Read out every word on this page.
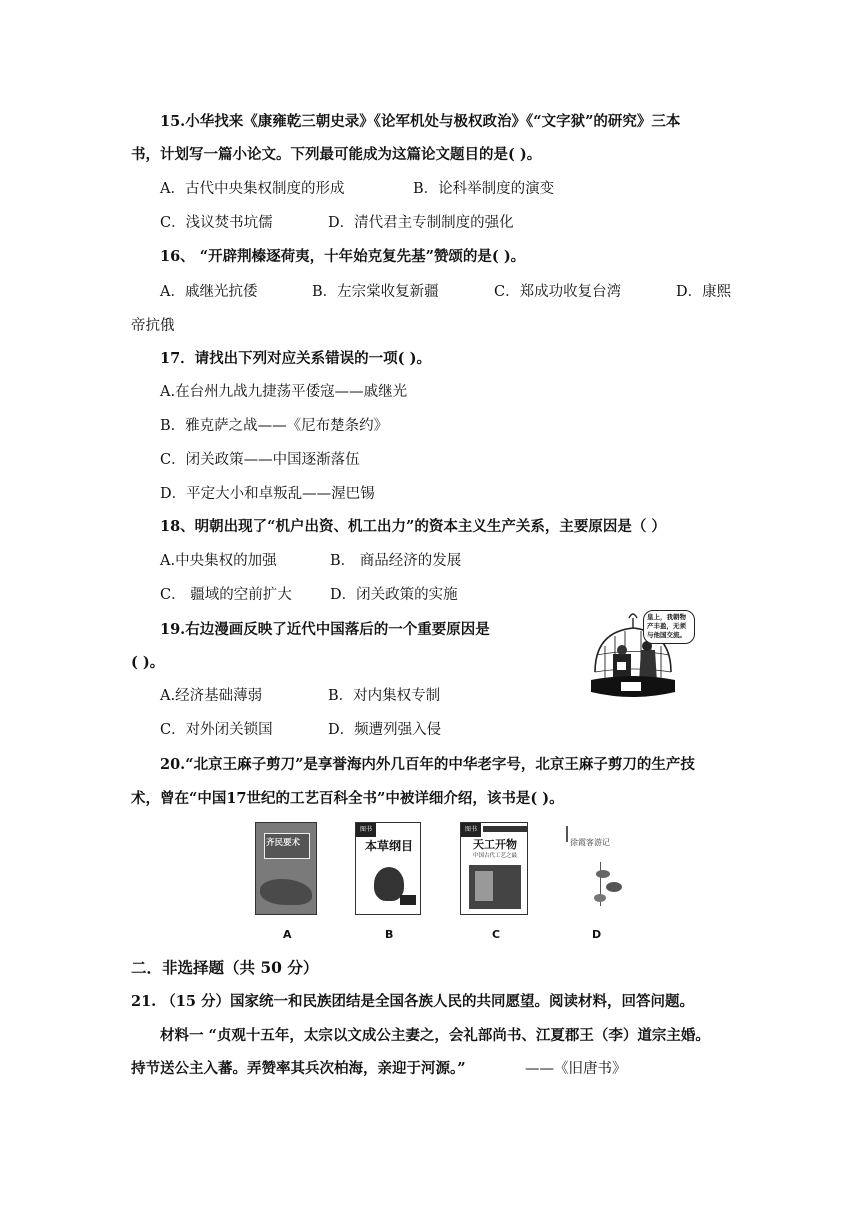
15.小华找来《康雍乾三朝史录》《论军机处与极权政治》《“文字狱”的研究》三本
书，计划写一篇小论文。下列最可能成为这篇论文题目的是( )。
A．古代中央集权制度的形成	B．论科举制度的演变
C．浅议焚书坑儒	D．清代君主专制制度的强化
16、 “开辟荆榛逐荷夷，十年始克复先基”赞颂的是( )。
A．戚继光抗倭	B．左宗棠收复新疆	C．郑成功收复台湾	D．康熙
帝抗俄
17．请找出下列对应关系错误的一项( )。
A.在台州九战九捷荡平倭寇——戚继光
B．雅克萨之战——《尼布楚条约》
C．闭关政策——中国逐渐落伍
D．平定大小和卓叛乱——渥巴锡
18、明朝出现了“机户出资、机工出力”的资本主义生产关系，主要原因是（ ）
A.中央集权的加强	B． 商品经济的发展
C． 疆域的空前扩大	D．闭关政策的实施
19.右边漫画反映了近代中国落后的一个重要原因是
( )。
A.经济基础薄弱	B．对内集权专制
C．对外闭关锁国	D．频遭列强入侵
皇上，我朝物
产丰盈，无须
与他国交流。
20.“北京王麻子剪刀”是享誉海内外几百年的中华老字号，北京王麻子剪刀的生产技
术，曾在“中国17世纪的工艺百科全书”中被详细介绍，该书是( )。
齐民要术
A
图书
本草纲目
B
图书
天工开物
中国古代工艺之最
C
徐霞客游记
D
二．非选择题（共 50 分）
21. （15 分）国家统一和民族团结是全国各族人民的共同愿望。阅读材料，回答问题。
材料一 “贞观十五年，太宗以文成公主妻之，会礼部尚书、江夏郡王（李）道宗主婚。
持节送公主入蕃。弄赞率其兵次柏海，亲迎于河源。”	——《旧唐书》
